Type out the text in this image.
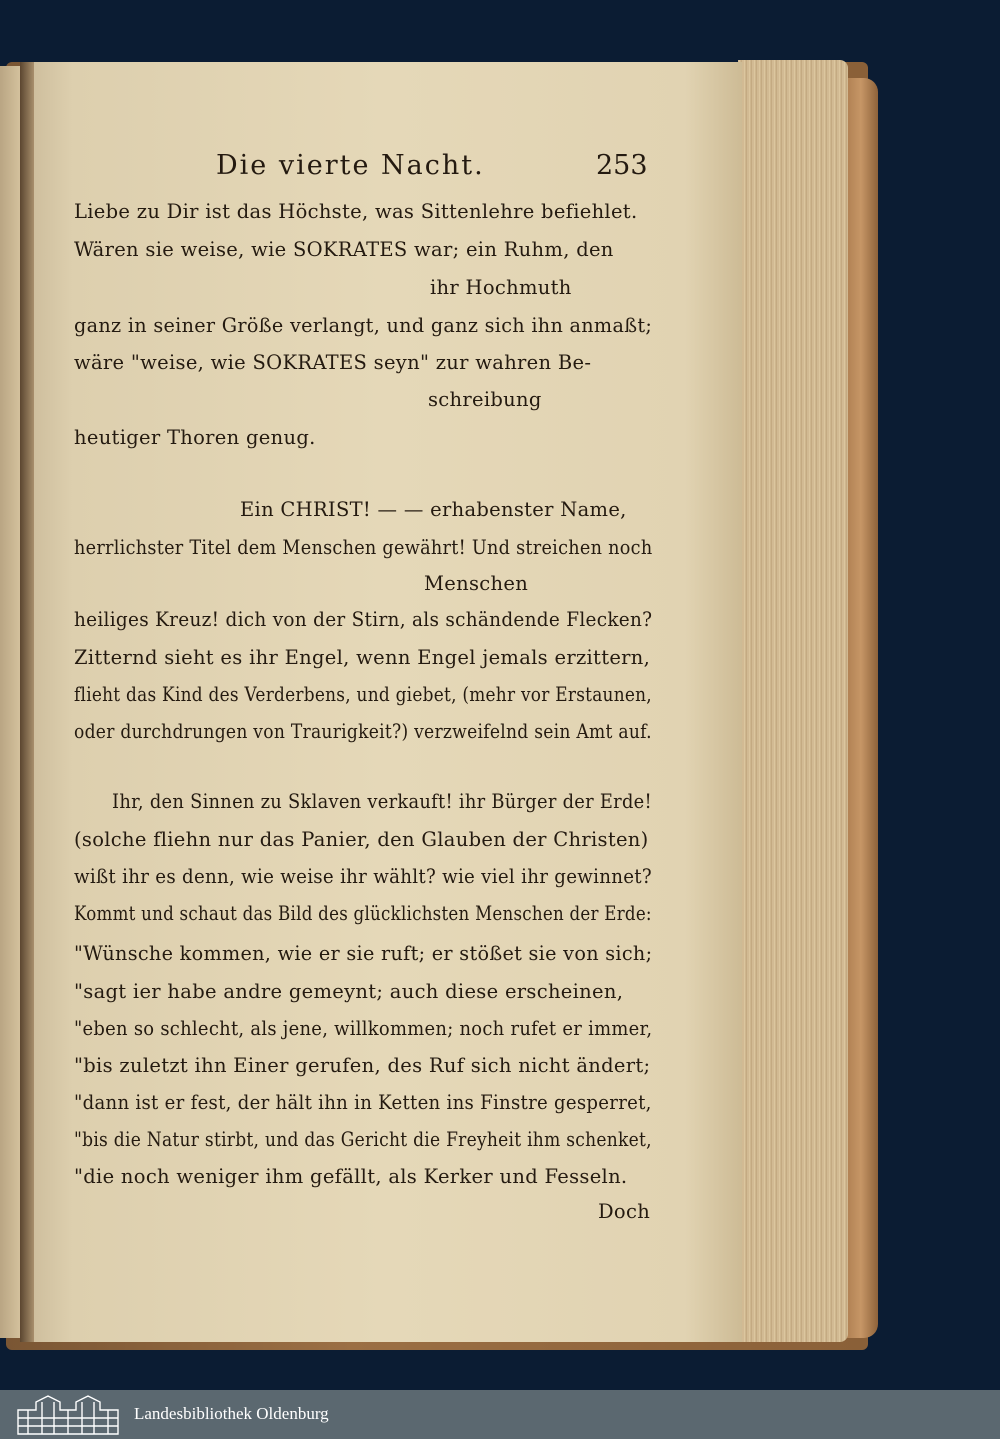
Die vierte Nacht.	253
Liebe zu Dir ist das Höchste, was Sittenlehre befiehlet.
Wären sie weise, wie SOKRATES war; ein Ruhm, den
ihr Hochmuth
ganz in seiner Größe verlangt, und ganz sich ihn anmaßt;
wäre "weise, wie SOKRATES seyn" zur wahren Be-
schreibung
heutiger Thoren genug.
Ein CHRIST! — — erhabenster Name,
herrlichster Titel dem Menschen gewährt! Und streichen noch
Menschen
heiliges Kreuz! dich von der Stirn, als schändende Flecken?
Zitternd sieht es ihr Engel, wenn Engel jemals erzittern,
flieht das Kind des Verderbens, und giebet, (mehr vor Erstaunen,
oder durchdrungen von Traurigkeit?) verzweifelnd sein Amt auf.
Ihr, den Sinnen zu Sklaven verkauft! ihr Bürger der Erde!
(solche fliehn nur das Panier, den Glauben der Christen)
wißt ihr es denn, wie weise ihr wählt? wie viel ihr gewinnet?
Kommt und schaut das Bild des glücklichsten Menschen der Erde:
"Wünsche kommen, wie er sie ruft; er stößet sie von sich;
"sagt ier habe andre gemeynt; auch diese erscheinen,
"eben so schlecht, als jene, willkommen; noch rufet er immer,
"bis zuletzt ihn Einer gerufen, des Ruf sich nicht ändert;
"dann ist er fest, der hält ihn in Ketten ins Finstre gesperret,
"bis die Natur stirbt, und das Gericht die Freyheit ihm schenket,
"die noch weniger ihm gefällt, als Kerker und Fesseln.
Doch
Landesbibliothek Oldenburg
